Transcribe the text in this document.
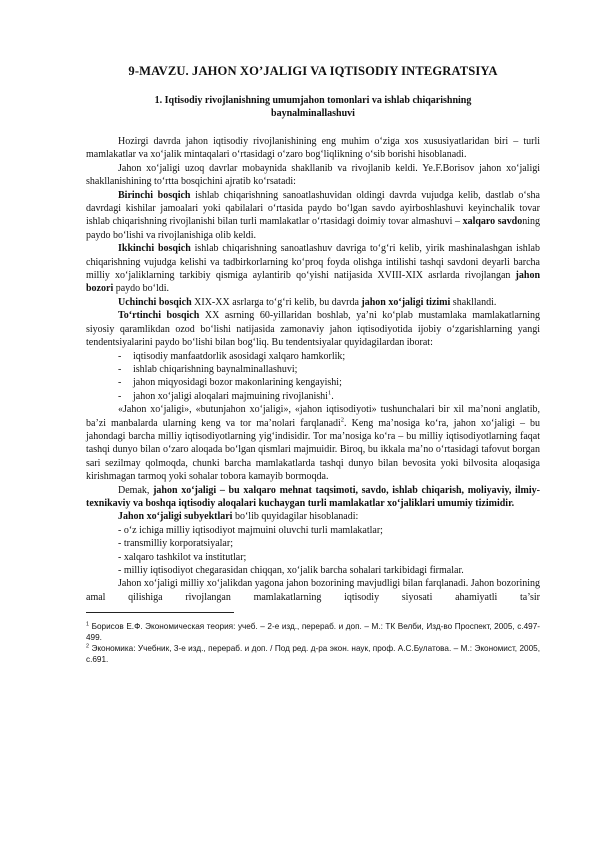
9-MAVZU. JAHON XO’JALIGI VA IQTISODIY INTEGRATSIYA
1. Iqtisodiy rivojlanishning umumjahon tomonlari va ishlab chiqarishning baynalminallashuvi

Hozirgi davrda jahon iqtisodiy rivojlanishining eng muhim o‘ziga xos xususiyatlaridan biri – turli mamlakatlar va xo‘jalik mintaqalari o‘rtasidagi o‘zaro bog‘liqlikning o‘sib borishi hisoblanadi.

Jahon xo‘jaligi uzoq davrlar mobaynida shakllanib va rivojlanib keldi. Ye.F.Borisov jahon xo‘jaligi shakllanishining to‘rtta bosqichini ajratib ko‘rsatadi:

Birinchi bosqich ishlab chiqarishning sanoatlashuvidan oldingi davrda vujudga kelib, dastlab o‘sha davrdagi kishilar jamoalari yoki qabilalari o‘rtasida paydo bo‘lgan savdo ayirboshlashuvi keyinchalik tovar ishlab chiqarishning rivojlanishi bilan turli mamlakatlar o‘rtasidagi doimiy tovar almashuvi – xalqaro savdoning paydo bo‘lishi va rivojlanishiga olib keldi.

Ikkinchi bosqich ishlab chiqarishning sanoatlashuv davriga to‘g‘ri kelib, yirik mashinalashgan ishlab chiqarishning vujudga kelishi va tadbirkorlarning ko‘proq foyda olishga intilishi tashqi savdoni deyarli barcha milliy xo‘jaliklarning tarkibiy qismiga aylantirib qo‘yishi natijasida XVIII-XIX asrlarda rivojlangan jahon bozori paydo bo‘ldi.

Uchinchi bosqich XIX-XX asrlarga to‘g‘ri kelib, bu davrda jahon xo‘jaligi tizimi shakllandi.

To‘rtinchi bosqich XX asrning 60-yillaridan boshlab, ya’ni ko‘plab mustamlaka mamlakatlarning siyosiy qaramlikdan ozod bo‘lishi natijasida zamonaviy jahon iqtisodiyotida ijobiy o‘zgarishlarning yangi tendentsiyalarini paydo bo‘lishi bilan bog‘liq. Bu tendentsiyalar quyidagilardan iborat:

- iqtisodiy manfaatdorlik asosidagi xalqaro hamkorlik;

- ishlab chiqarishning baynalminallashuvi;

- jahon miqyosidagi bozor makonlarining kengayishi;

- jahon xo‘jaligi aloqalari majmuining rivojlanishi$^1$.

«Jahon xo‘jaligi», «butunjahon xo‘jaligi», «jahon iqtisodiyoti» tushunchalari bir xil ma’noni anglatib, ba’zi manbalarda ularning keng va tor ma’nolari farqlanadi$^2$. Keng ma’nosiga ko‘ra, jahon xo‘jaligi – bu jahondagi barcha milliy iqtisodiyotlarning yig‘indisidir. Tor ma’nosiga ko‘ra – bu milliy iqtisodiyotlarning faqat tashqi dunyo bilan o‘zaro aloqada bo‘lgan qismlari majmuidir. Biroq, bu ikkala ma’no o‘rtasidagi tafovut borgan sari sezilmay qolmoqda, chunki barcha mamlakatlarda tashqi dunyo bilan bevosita yoki bilvosita aloqasiga kirishmagan tarmoq yoki sohalar tobora kamayib bormoqda.

Demak, jahon xo‘jaligi – bu xalqaro mehnat taqsimoti, savdo, ishlab chiqarish, moliyaviy, ilmiy-texnikaviy va boshqa iqtisodiy aloqalari kuchaygan turli mamlakatlar xo‘jaliklari umumiy tizimidir.

Jahon xo‘jaligi subyektlari bo‘lib quyidagilar hisoblanadi:

- o‘z ichiga milliy iqtisodiyot majmuini oluvchi turli mamlakatlar;

- transmilliy korporatsiyalar;

- xalqaro tashkilot va institutlar;

- milliy iqtisodiyot chegarasidan chiqqan, xo‘jalik barcha sohalari tarkibidagi firmalar.

Jahon xo‘jaligi milliy xo‘jalikdan yagona jahon bozorining mavjudligi bilan farqlanadi. Jahon bozorining amal qilishiga rivojlangan mamlakatlarning iqtisodiy siyosati ahamiyatli ta’sir

$^1$ Борисов Е.Ф. Экономическая теория: учеб. – 2-е изд., перераб. и доп. – М.: ТК Велби, Изд-во Проспект, 2005, с.497-499.

$^2$ Экономика: Учебник, 3-е изд., перераб. и доп. / Под ред. д-ра экон. наук, проф. А.С.Булатова. – М.: Экономист, 2005, с.691.
